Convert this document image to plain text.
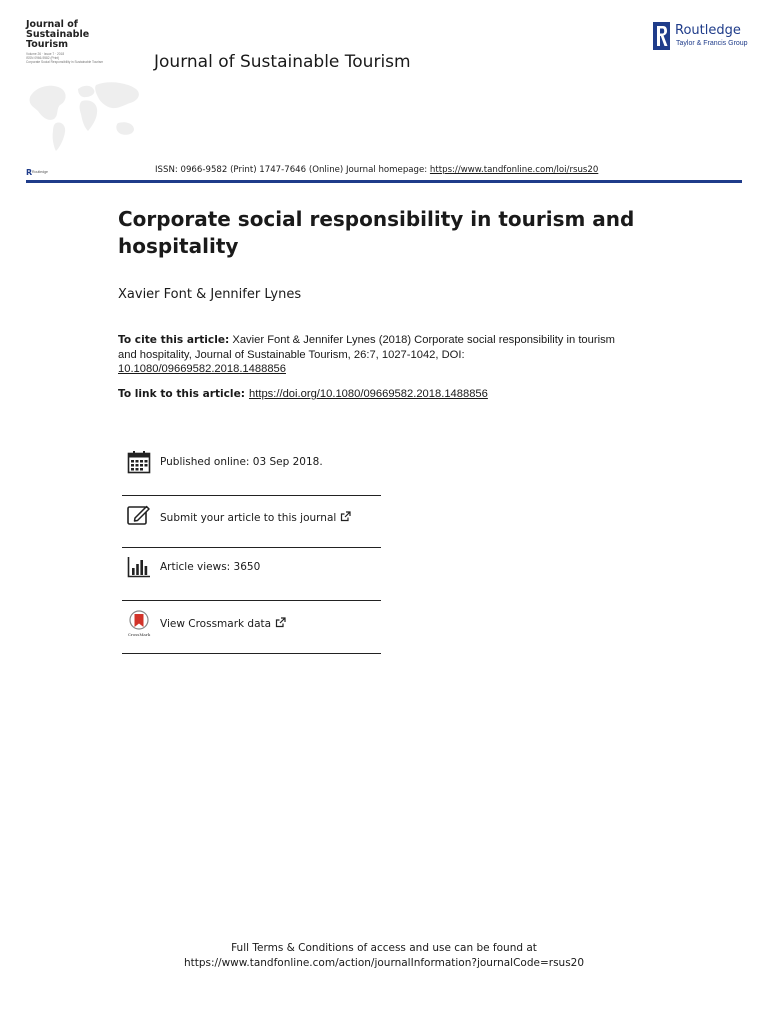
Journal of
Sustainable
Tourism
Volume 26 · Issue 7 · 2018
ISSN 0966-9582 (Print)
Corporate Social Responsibility in Sustainable Tourism	Journal of Sustainable Tourism
Routledge
Taylor & Francis Group
R Routledge	ISSN: 0966-9582 (Print) 1747-7646 (Online) Journal homepage: https://www.tandfonline.com/loi/rsus20
Corporate social responsibility in tourism and hospitality
Xavier Font & Jennifer Lynes
To cite this article: Xavier Font & Jennifer Lynes (2018) Corporate social responsibility in tourism and hospitality, Journal of Sustainable Tourism, 26:7, 1027-1042, DOI: 10.1080/09669582.2018.1488856
To link to this article: https://doi.org/10.1080/09669582.2018.1488856
Published online: 03 Sep 2018.
Submit your article to this journal
Article views: 3650
CrossMark
View Crossmark data
Full Terms & Conditions of access and use can be found at
https://www.tandfonline.com/action/journalInformation?journalCode=rsus20
